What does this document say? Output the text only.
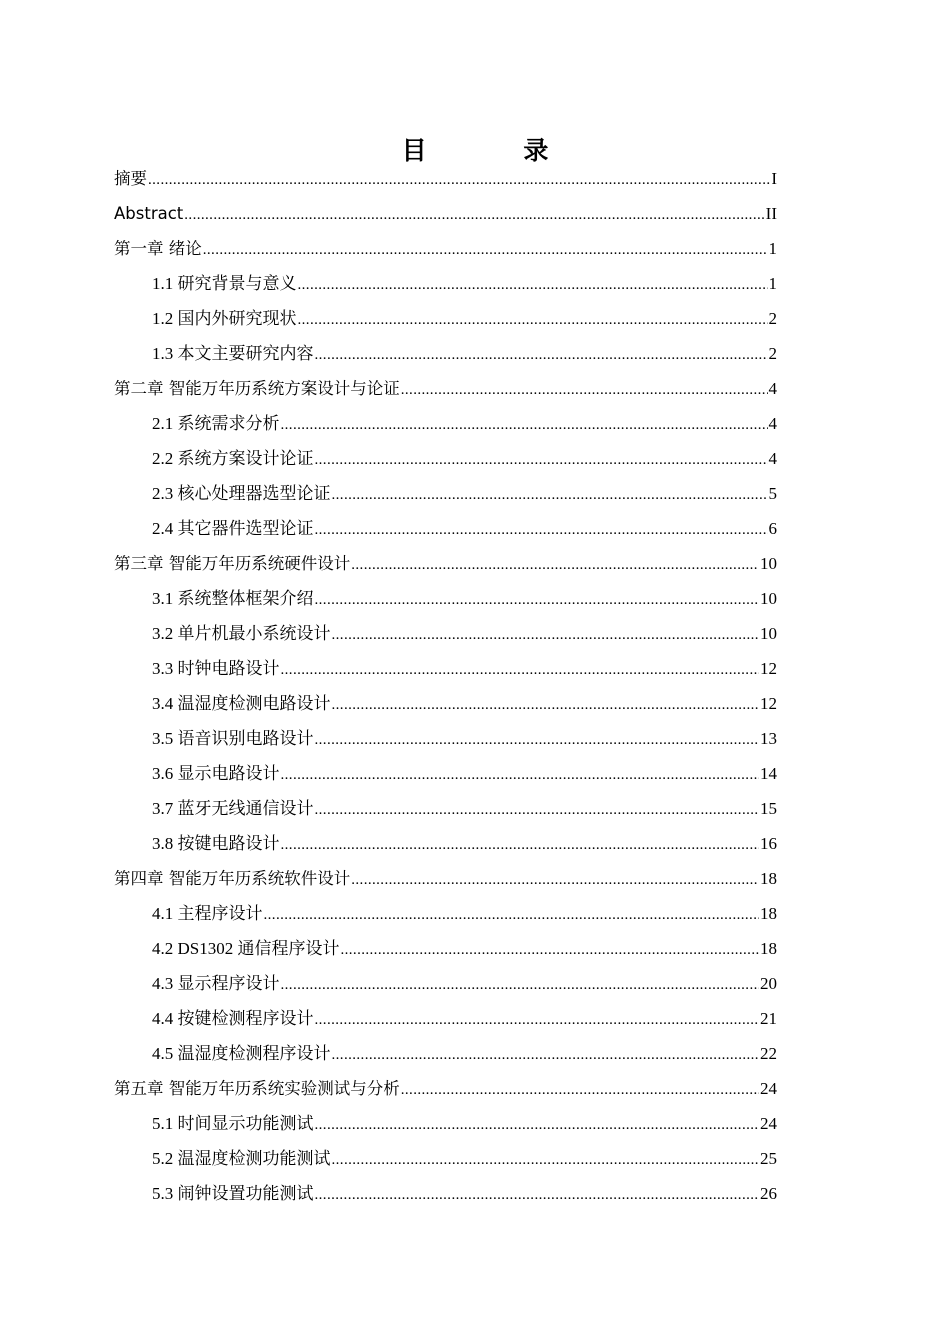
目 录
摘要 .....	I
Abstract .....	II
第一章 绪论 .....	1
1.1 研究背景与意义 .....	1
1.2 国内外研究现状 .....	2
1.3 本文主要研究内容 .....	2
第二章 智能万年历系统方案设计与论证 .....	4
2.1 系统需求分析 .....	4
2.2 系统方案设计论证 .....	4
2.3 核心处理器选型论证 .....	5
2.4 其它器件选型论证 .....	6
第三章 智能万年历系统硬件设计 .....	10
3.1 系统整体框架介绍 .....	10
3.2 单片机最小系统设计 .....	10
3.3 时钟电路设计 .....	12
3.4 温湿度检测电路设计 .....	12
3.5 语音识别电路设计 .....	13
3.6 显示电路设计 .....	14
3.7 蓝牙无线通信设计 .....	15
3.8 按键电路设计 .....	16
第四章 智能万年历系统软件设计 .....	18
4.1 主程序设计 .....	18
4.2 DS1302 通信程序设计 .....	18
4.3 显示程序设计 .....	20
4.4 按键检测程序设计 .....	21
4.5 温湿度检测程序设计 .....	22
第五章 智能万年历系统实验测试与分析 .....	24
5.1 时间显示功能测试 .....	24
5.2 温湿度检测功能测试 .....	25
5.3 闹钟设置功能测试 .....	26
